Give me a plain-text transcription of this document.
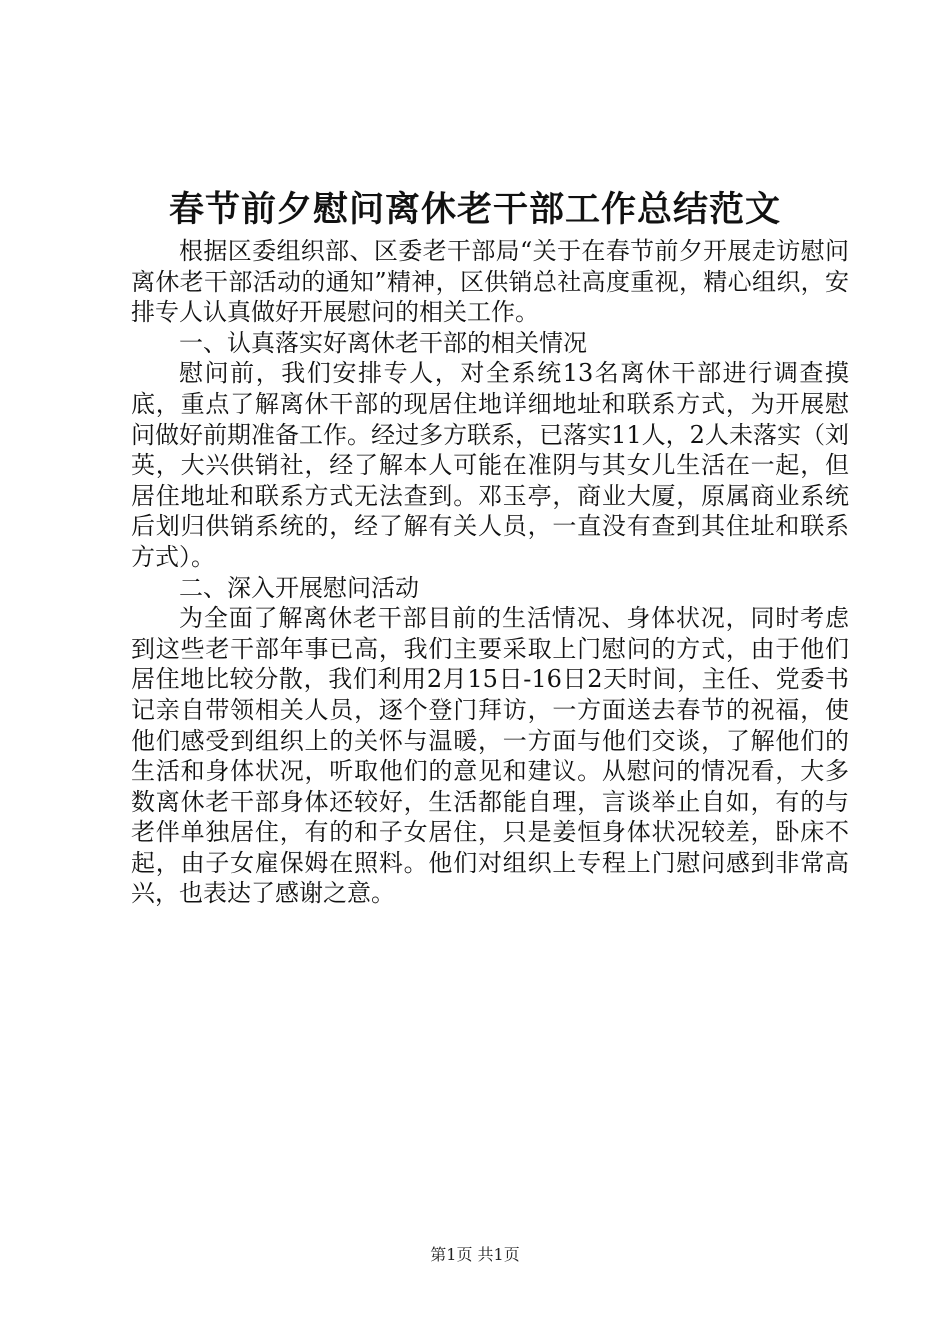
春节前夕慰问离休老干部工作总结范文

根据区委组织部、区委老干部局“关于在春节前夕开展走访慰问离休老干部活动的通知”精神，区供销总社高度重视，精心组织，安排专人认真做好开展慰问的相关工作。

一、认真落实好离休老干部的相关情况

慰问前，我们安排专人，对全系统13名离休干部进行调查摸底，重点了解离休干部的现居住地详细地址和联系方式，为开展慰问做好前期准备工作。经过多方联系，已落实11人，2人未落实（刘英，大兴供销社，经了解本人可能在准阴与其女儿生活在一起，但居住地址和联系方式无法查到。邓玉亭，商业大厦，原属商业系统后划归供销系统的，经了解有关人员，一直没有查到其住址和联系方式）。

二、深入开展慰问活动

为全面了解离休老干部目前的生活情况、身体状况，同时考虑到这些老干部年事已高，我们主要采取上门慰问的方式，由于他们居住地比较分散，我们利用2月15日-16日2天时间，主任、党委书记亲自带领相关人员，逐个登门拜访，一方面送去春节的祝福，使他们感受到组织上的关怀与温暖，一方面与他们交谈，了解他们的生活和身体状况，听取他们的意见和建议。从慰问的情况看，大多数离休老干部身体还较好，生活都能自理，言谈举止自如，有的与老伴单独居住，有的和子女居住，只是姜恒身体状况较差，卧床不起，由子女雇保姆在照料。他们对组织上专程上门慰问感到非常高兴，也表达了感谢之意。

第1页 共1页
